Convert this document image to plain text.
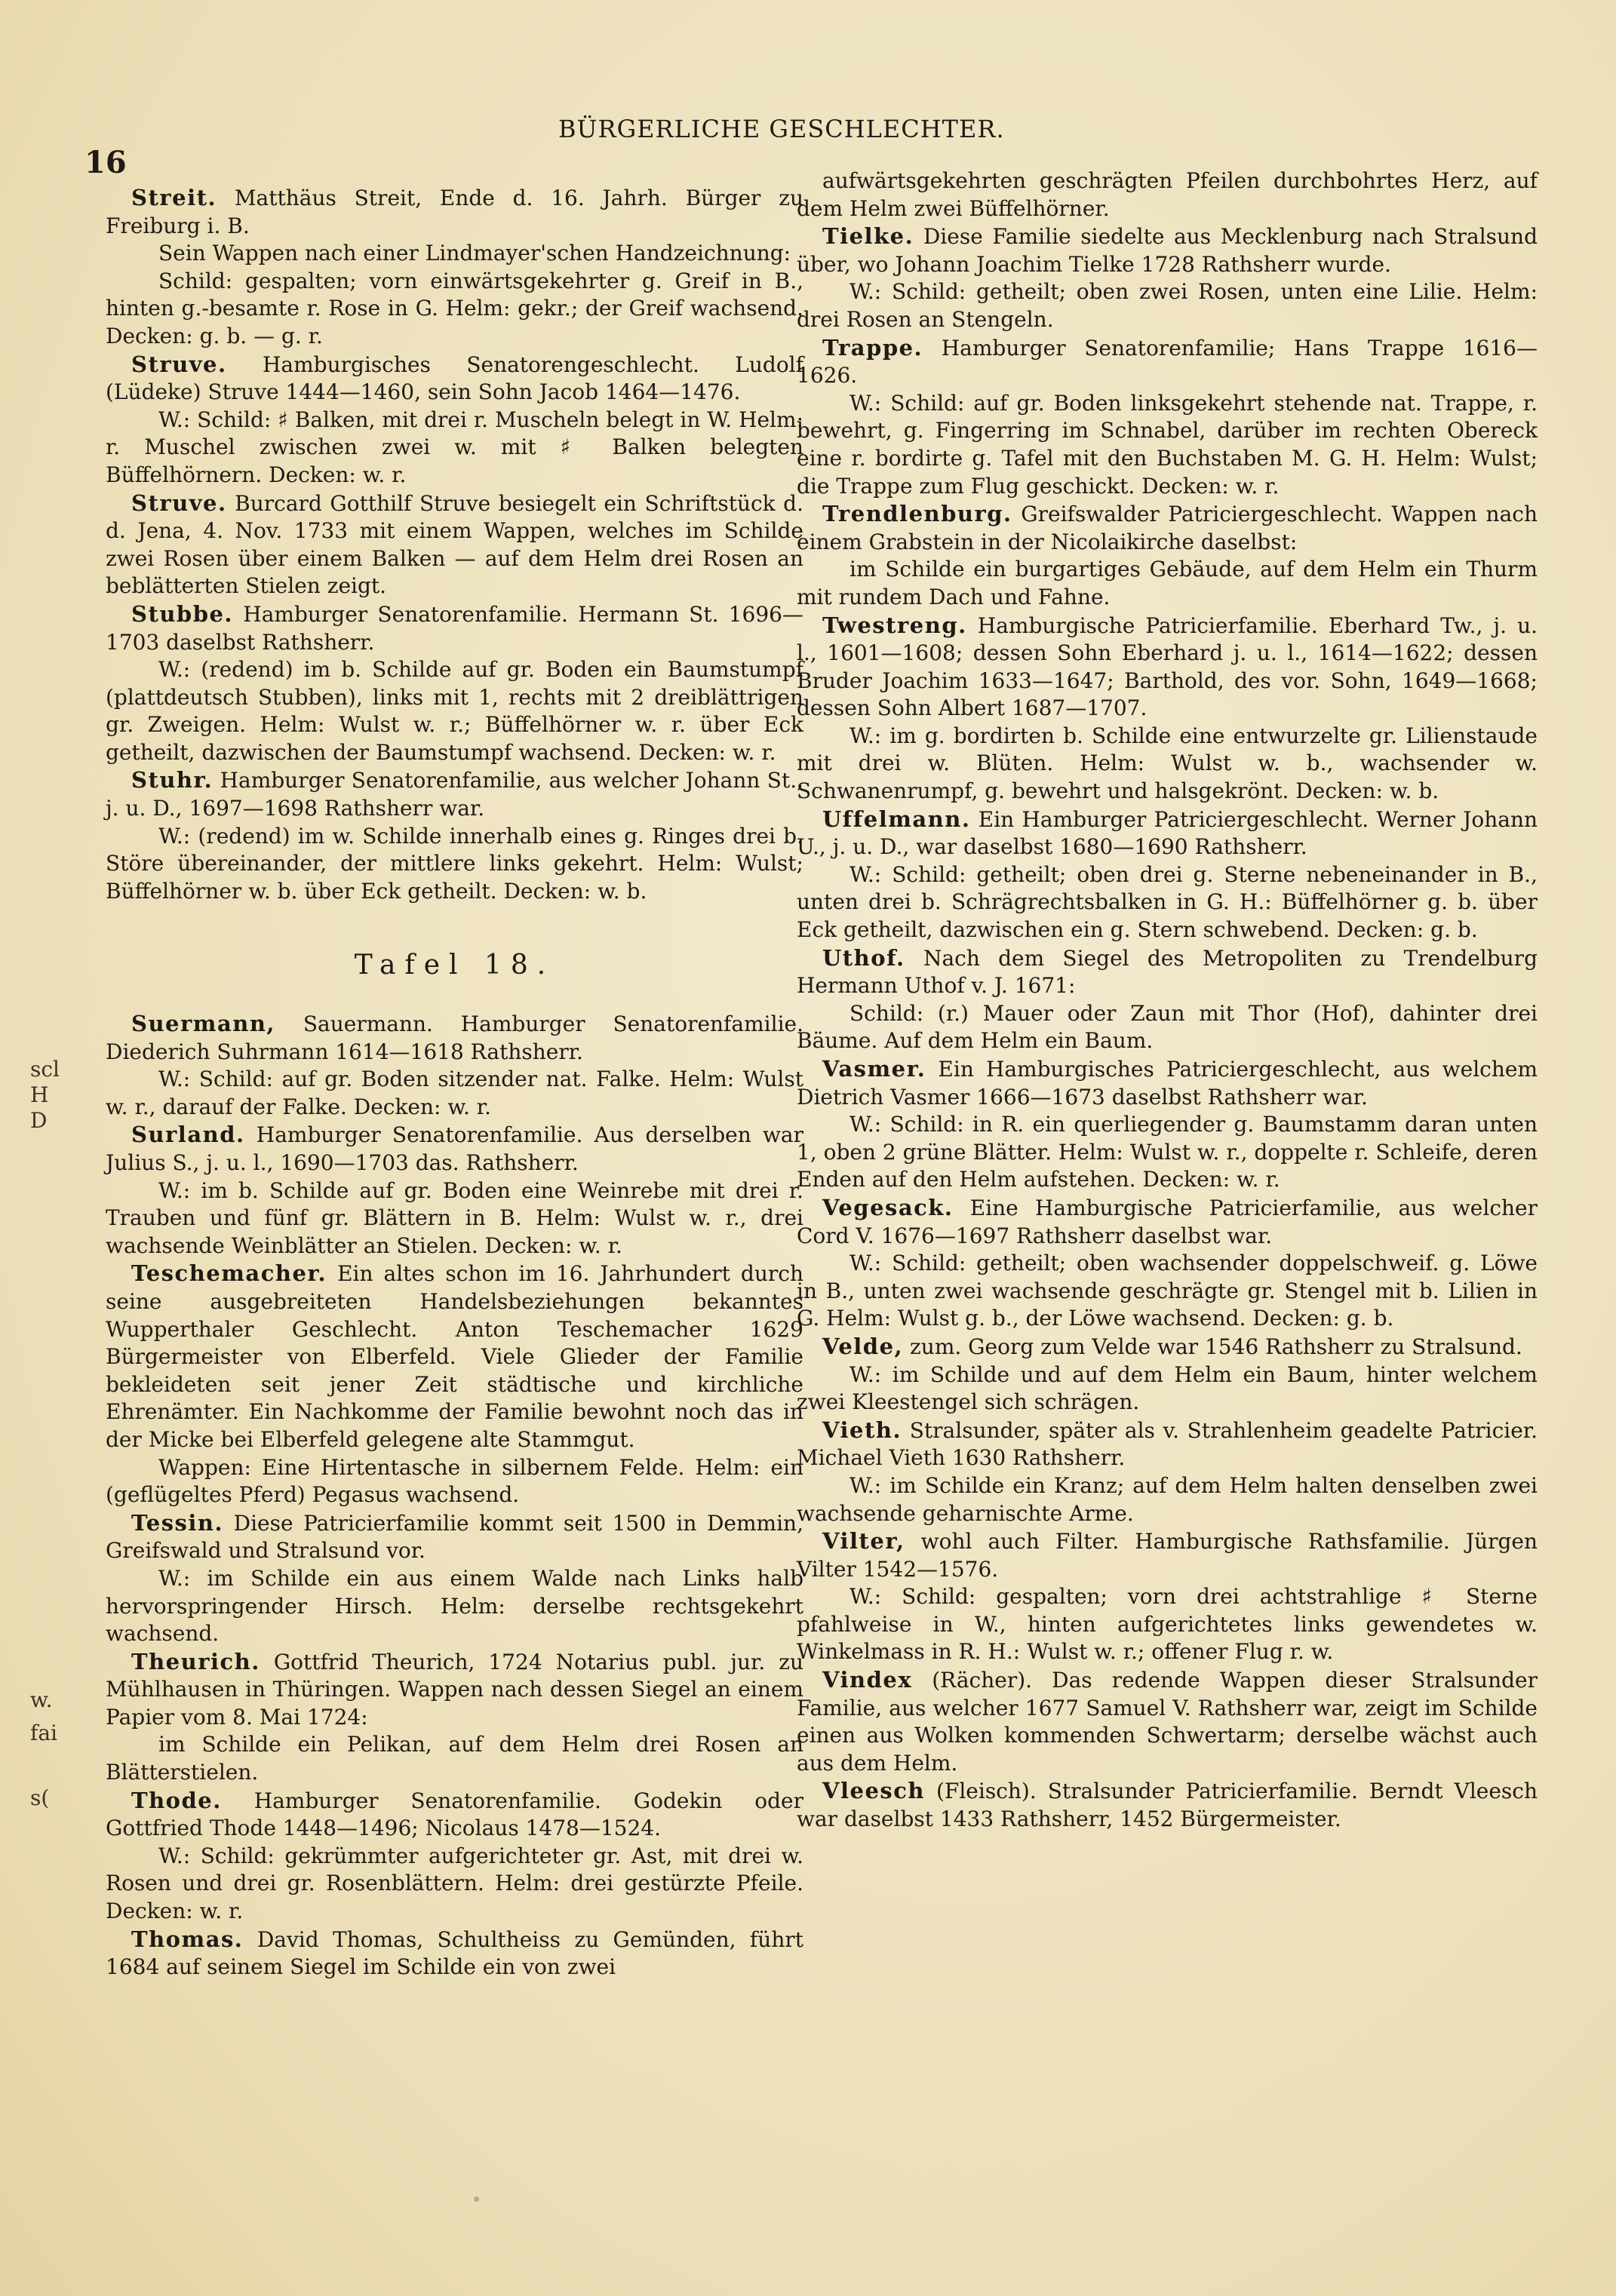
16
BÜRGERLICHE GESCHLECHTER.
scl
H
D
w.
fai
s(

Streit. Matthäus Streit, Ende d. 16. Jahrh. Bürger zu Freiburg i. B.
Sein Wappen nach einer Lindmayer'schen Handzeichnung:
Schild: gespalten; vorn einwärtsgekehrter g. Greif in B., hinten g.-besamte r. Rose in G. Helm: gekr.; der Greif wachsend. Decken: g. b. — g. r.

Struve. Hamburgisches Senatorengeschlecht. Ludolf (Lüdeke) Struve 1444—1460, sein Sohn Jacob 1464—1476.
W.: Schild: ♯ Balken, mit drei r. Muscheln belegt in W. Helm: r. Muschel zwischen zwei w. mit ♯ Balken belegten Büffelhörnern. Decken: w. r.

Struve. Burcard Gotthilf Struve besiegelt ein Schriftstück d. d. Jena, 4. Nov. 1733 mit einem Wappen, welches im Schilde zwei Rosen über einem Balken — auf dem Helm drei Rosen an beblätterten Stielen zeigt.

Stubbe. Hamburger Senatorenfamilie. Hermann St. 1696—1703 daselbst Rathsherr.
W.: (redend) im b. Schilde auf gr. Boden ein Baumstumpf (plattdeutsch Stubben), links mit 1, rechts mit 2 dreiblättrigen gr. Zweigen. Helm: Wulst w. r.; Büffelhörner w. r. über Eck getheilt, dazwischen der Baumstumpf wachsend. Decken: w. r.

Stuhr. Hamburger Senatorenfamilie, aus welcher Johann St., j. u. D., 1697—1698 Rathsherr war.
W.: (redend) im w. Schilde innerhalb eines g. Ringes drei b. Störe übereinander, der mittlere links gekehrt. Helm: Wulst; Büffelhörner w. b. über Eck getheilt. Decken: w. b.

Tafel 18.

Suermann, Sauermann. Hamburger Senatorenfamilie. Diederich Suhrmann 1614—1618 Rathsherr.
W.: Schild: auf gr. Boden sitzender nat. Falke. Helm: Wulst w. r., darauf der Falke. Decken: w. r.

Surland. Hamburger Senatorenfamilie. Aus derselben war Julius S., j. u. l., 1690—1703 das. Rathsherr.
W.: im b. Schilde auf gr. Boden eine Weinrebe mit drei r. Trauben und fünf gr. Blättern in B. Helm: Wulst w. r., drei wachsende Weinblätter an Stielen. Decken: w. r.

Teschemacher. Ein altes schon im 16. Jahrhundert durch seine ausgebreiteten Handelsbeziehungen bekanntes Wupperthaler Geschlecht. Anton Teschemacher 1629 Bürgermeister von Elberfeld. Viele Glieder der Familie bekleideten seit jener Zeit städtische und kirchliche Ehrenämter. Ein Nachkomme der Familie bewohnt noch das in der Micke bei Elberfeld gelegene alte Stammgut.
Wappen: Eine Hirtentasche in silbernem Felde. Helm: ein (geflügeltes Pferd) Pegasus wachsend.

Tessin. Diese Patricierfamilie kommt seit 1500 in Demmin, Greifswald und Stralsund vor.
W.: im Schilde ein aus einem Walde nach Links halb hervorspringender Hirsch. Helm: derselbe rechtsgekehrt wachsend.

Theurich. Gottfrid Theurich, 1724 Notarius publ. jur. zu Mühlhausen in Thüringen. Wappen nach dessen Siegel an einem Papier vom 8. Mai 1724:
im Schilde ein Pelikan, auf dem Helm drei Rosen an Blätterstielen.

Thode. Hamburger Senatorenfamilie. Godekin oder Gottfried Thode 1448—1496; Nicolaus 1478—1524.
W.: Schild: gekrümmter aufgerichteter gr. Ast, mit drei w. Rosen und drei gr. Rosenblättern. Helm: drei gestürzte Pfeile. Decken: w. r.

Thomas. David Thomas, Schultheiss zu Gemünden, führt 1684 auf seinem Siegel im Schilde ein von zwei

aufwärtsgekehrten geschrägten Pfeilen durchbohrtes Herz, auf dem Helm zwei Büffelhörner.

Tielke. Diese Familie siedelte aus Mecklenburg nach Stralsund über, wo Johann Joachim Tielke 1728 Rathsherr wurde.
W.: Schild: getheilt; oben zwei Rosen, unten eine Lilie. Helm: drei Rosen an Stengeln.

Trappe. Hamburger Senatorenfamilie; Hans Trappe 1616—1626.
W.: Schild: auf gr. Boden linksgekehrt stehende nat. Trappe, r. bewehrt, g. Fingerring im Schnabel, darüber im rechten Obereck eine r. bordirte g. Tafel mit den Buchstaben M. G. H. Helm: Wulst; die Trappe zum Flug geschickt. Decken: w. r.

Trendlenburg. Greifswalder Patriciergeschlecht. Wappen nach einem Grabstein in der Nicolaikirche daselbst:
im Schilde ein burgartiges Gebäude, auf dem Helm ein Thurm mit rundem Dach und Fahne.

Twestreng. Hamburgische Patricierfamilie. Eberhard Tw., j. u. l., 1601—1608; dessen Sohn Eberhard j. u. l., 1614—1622; dessen Bruder Joachim 1633—1647; Barthold, des vor. Sohn, 1649—1668; dessen Sohn Albert 1687—1707.
W.: im g. bordirten b. Schilde eine entwurzelte gr. Lilienstaude mit drei w. Blüten. Helm: Wulst w. b., wachsender w. Schwanenrumpf, g. bewehrt und halsgekrönt. Decken: w. b.

Uffelmann. Ein Hamburger Patriciergeschlecht. Werner Johann U., j. u. D., war daselbst 1680—1690 Rathsherr.
W.: Schild: getheilt; oben drei g. Sterne nebeneinander in B., unten drei b. Schrägrechtsbalken in G. H.: Büffelhörner g. b. über Eck getheilt, dazwischen ein g. Stern schwebend. Decken: g. b.

Uthof. Nach dem Siegel des Metropoliten zu Trendelburg Hermann Uthof v. J. 1671:
Schild: (r.) Mauer oder Zaun mit Thor (Hof), dahinter drei Bäume. Auf dem Helm ein Baum.

Vasmer. Ein Hamburgisches Patriciergeschlecht, aus welchem Dietrich Vasmer 1666—1673 daselbst Rathsherr war.
W.: Schild: in R. ein querliegender g. Baumstamm daran unten 1, oben 2 grüne Blätter. Helm: Wulst w. r., doppelte r. Schleife, deren Enden auf den Helm aufstehen. Decken: w. r.

Vegesack. Eine Hamburgische Patricierfamilie, aus welcher Cord V. 1676—1697 Rathsherr daselbst war.
W.: Schild: getheilt; oben wachsender doppelschweif. g. Löwe in B., unten zwei wachsende geschrägte gr. Stengel mit b. Lilien in G. Helm: Wulst g. b., der Löwe wachsend. Decken: g. b.

Velde, zum. Georg zum Velde war 1546 Rathsherr zu Stralsund.
W.: im Schilde und auf dem Helm ein Baum, hinter welchem zwei Kleestengel sich schrägen.

Vieth. Stralsunder, später als v. Strahlenheim geadelte Patricier. Michael Vieth 1630 Rathsherr.
W.: im Schilde ein Kranz; auf dem Helm halten denselben zwei wachsende geharnischte Arme.

Vilter, wohl auch Filter. Hamburgische Rathsfamilie. Jürgen Vilter 1542—1576.
W.: Schild: gespalten; vorn drei achtstrahlige ♯ Sterne pfahlweise in W., hinten aufgerichtetes links gewendetes w. Winkelmass in R. H.: Wulst w. r.; offener Flug r. w.

Vindex (Rächer). Das redende Wappen dieser Stralsunder Familie, aus welcher 1677 Samuel V. Rathsherr war, zeigt im Schilde einen aus Wolken kommenden Schwertarm; derselbe wächst auch aus dem Helm.

Vleesch (Fleisch). Stralsunder Patricierfamilie. Berndt Vleesch war daselbst 1433 Rathsherr, 1452 Bürgermeister.
